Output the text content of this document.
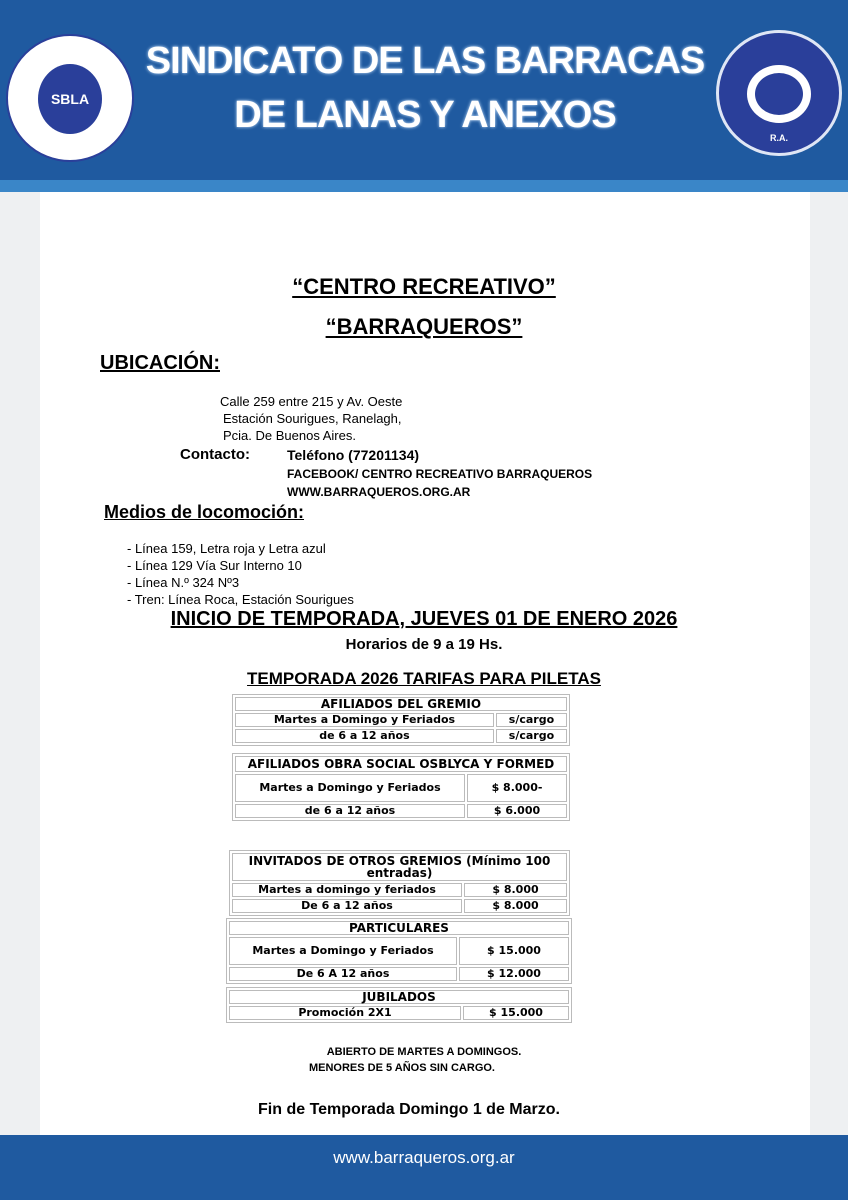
SBLA
R.A.
SINDICATO DE LAS BARRACAS
DE LANAS Y ANEXOS
“CENTRO RECREATIVO”
“BARRAQUEROS”
UBICACIÓN:
Calle 259 entre 215 y Av. Oeste
Estación Sourigues, Ranelagh,
Pcia. De Buenos Aires.
Contacto:	Teléfono (77201134)
FACEBOOK/ CENTRO RECREATIVO BARRAQUEROS
WWW.BARRAQUEROS.ORG.AR
Medios de locomoción:
- Línea 159, Letra roja y Letra azul
- Línea 129 Vía Sur Interno 10
- Línea N.º 324 Nº3
- Tren: Línea Roca, Estación Sourigues
INICIO DE TEMPORADA, JUEVES 01 DE ENERO 2026
Horarios de 9 a 19 Hs.
TEMPORADA 2026 TARIFAS PARA PILETAS
AFILIADOS DEL GREMIO	
Martes a Domingo y Feriados	s/cargo
de 6 a 12 años	s/cargo
AFILIADOS OBRA SOCIAL OSBLYCA Y FORMED	
Martes a Domingo y Feriados	$ 8.000-
de 6 a 12 años	$ 6.000
INVITADOS DE OTROS GREMIOS (Mínimo 100 entradas)	
Martes a domingo y feriados	$ 8.000
De 6 a 12 años	$ 8.000
PARTICULARES	
Martes a Domingo y Feriados	$ 15.000
De 6 A 12 años	$ 12.000
JUBILADOS
Promoción 2X1	$ 15.000
ABIERTO DE MARTES A DOMINGOS.
MENORES DE 5 AÑOS SIN CARGO.
Fin de Temporada Domingo 1 de Marzo.
www.barraqueros.org.ar
